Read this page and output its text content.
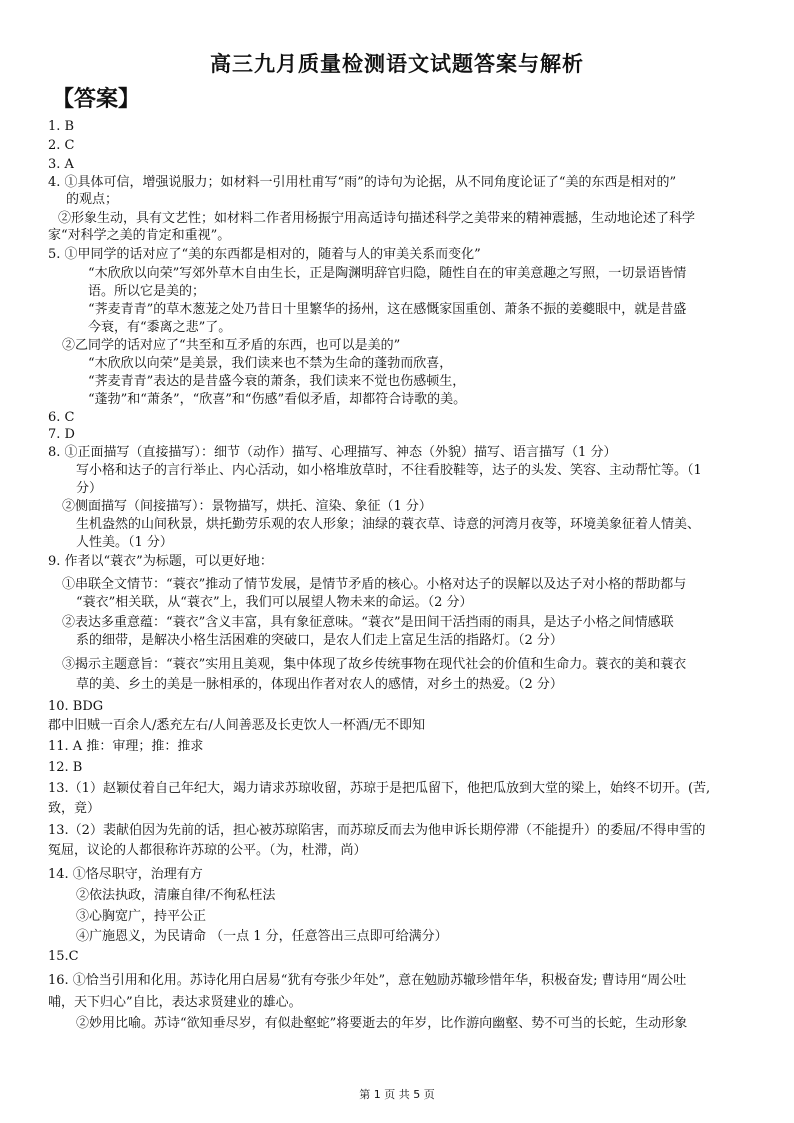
高三九月质量检测语文试题答案与解析
【答案】
1. B
2. C
3. A
4. ①具体可信，增强说服力；如材料一引用杜甫写“雨”的诗句为论据，从不同角度论证了“美的东西是相对的”
的观点；
②形象生动，具有文艺性；如材料二作者用杨振宁用高适诗句描述科学之美带来的精神震撼，生动地论述了科学
家“对科学之美的肯定和重视”。
5. ①甲同学的话对应了“美的东西都是相对的，随着与人的审美关系而变化”
“木欣欣以向荣”写郊外草木自由生长，正是陶渊明辞官归隐，随性自在的审美意趣之写照，一切景语皆情
语。所以它是美的；
“荠麦青青”的草木葱茏之处乃昔日十里繁华的扬州，这在感慨家国重创、萧条不振的姜夔眼中，就是昔盛
今衰，有“黍离之悲”了。
②乙同学的话对应了“共至和互矛盾的东西，也可以是美的”
“木欣欣以向荣”是美景，我们读来也不禁为生命的蓬勃而欣喜，
“荠麦青青”表达的是昔盛今衰的萧条，我们读来不觉也伤感顿生，
“蓬勃”和“萧条”，“欣喜”和“伤感”看似矛盾，却都符合诗歌的美。
6. C
7. D
8. ①正面描写（直接描写）：细节（动作）描写、心理描写、神态（外貌）描写、语言描写（1 分）
写小格和达子的言行举止、内心活动，如小格堆放草时，不往看胶鞋等，达子的头发、笑容、主动帮忙等。（1
分）
②侧面描写（间接描写）：景物描写，烘托、渲染、象征（1 分）
生机盎然的山间秋景，烘托勤劳乐观的农人形象；油绿的蓑衣草、诗意的河湾月夜等，环境美象征着人情美、
人性美。（1 分）
9. 作者以“蓑衣”为标题，可以更好地：
①串联全文情节：“蓑衣”推动了情节发展，是情节矛盾的核心。小格对达子的误解以及达子对小格的帮助都与
“蓑衣”相关联，从“蓑衣”上，我们可以展望人物未来的命运。（2 分）
②表达多重意蕴：“蓑衣”含义丰富，具有象征意味。“蓑衣”是田间干活挡雨的雨具，是达子小格之间情感联
系的细带，是解决小格生活困难的突破口，是农人们走上富足生活的指路灯。（2 分）
③揭示主题意旨：“蓑衣”实用且美观，集中体现了故乡传统事物在现代社会的价值和生命力。蓑衣的美和蓑衣
草的美、乡土的美是一脉相承的，体现出作者对农人的感情，对乡土的热爱。（2 分）
10. BDG
郡中旧贼一百余人/悉充左右/人间善恶及长吏饮人一杯酒/无不即知
11. A 推：审理；推：推求
12. B
13.（1）赵颖仗着自己年纪大，竭力请求苏琼收留，苏琼于是把瓜留下，他把瓜放到大堂的梁上，始终不切开。(苦,
致，竟）
13.（2）裴献伯因为先前的话，担心被苏琼陷害，而苏琼反而去为他申诉长期停滞（不能提升）的委屈/不得申雪的
冤屈，议论的人都很称许苏琼的公平。（为，杜滞，尚）
14. ①恪尽职守，治理有方
②依法执政，清廉自律/不徇私枉法
③心胸宽广，持平公正
④广施恩义，为民请命 （一点 1 分，任意答出三点即可给满分）
15.C
16. ①恰当引用和化用。苏诗化用白居易“犹有夸张少年处”，意在勉励苏辙珍惜年华，积极奋发; 曹诗用“周公吐
哺，天下归心”自比，表达求贤建业的雄心。
②妙用比喻。苏诗“欲知垂尽岁，有似赴壑蛇”将要逝去的年岁，比作游向幽壑、势不可当的长蛇，生动形象
第 1 页 共 5 页
